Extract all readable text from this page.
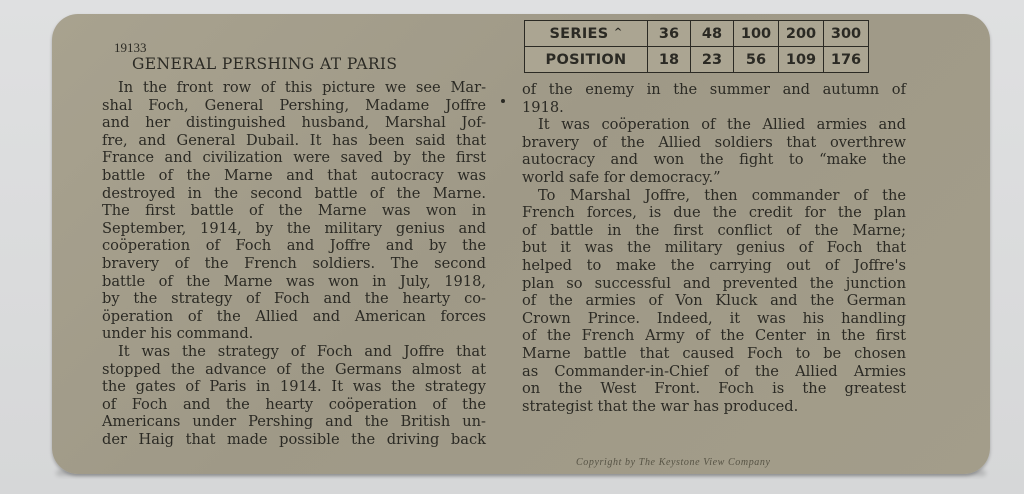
19133
GENERAL PERSHING AT PARIS
SERIES ^	36	48	100	200	300
POSITION	18	23	56	109	176
In the front row of this picture we see Mar-
shal Foch, General Pershing, Madame Joffre
and her distinguished husband, Marshal Jof-
fre, and General Dubail. It has been said that
France and civilization were saved by the first
battle of the Marne and that autocracy was
destroyed in the second battle of the Marne.
The first battle of the Marne was won in
September, 1914, by the military genius and
coöperation of Foch and Joffre and by the
bravery of the French soldiers. The second
battle of the Marne was won in July, 1918,
by the strategy of Foch and the hearty co-
öperation of the Allied and American forces
under his command.
It was the strategy of Foch and Joffre that
stopped the advance of the Germans almost at
the gates of Paris in 1914. It was the strategy
of Foch and the hearty coöperation of the
Americans under Pershing and the British un-
der Haig that made possible the driving back
of the enemy in the summer and autumn of
1918.
It was coöperation of the Allied armies and
bravery of the Allied soldiers that overthrew
autocracy and won the fight to “make the
world safe for democracy.”
To Marshal Joffre, then commander of the
French forces, is due the credit for the plan
of battle in the first conflict of the Marne;
but it was the military genius of Foch that
helped to make the carrying out of Joffre's
plan so successful and prevented the junction
of the armies of Von Kluck and the German
Crown Prince. Indeed, it was his handling
of the French Army of the Center in the first
Marne battle that caused Foch to be chosen
as Commander-in-Chief of the Allied Armies
on the West Front. Foch is the greatest
strategist that the war has produced.
Copyright by The Keystone View Company
